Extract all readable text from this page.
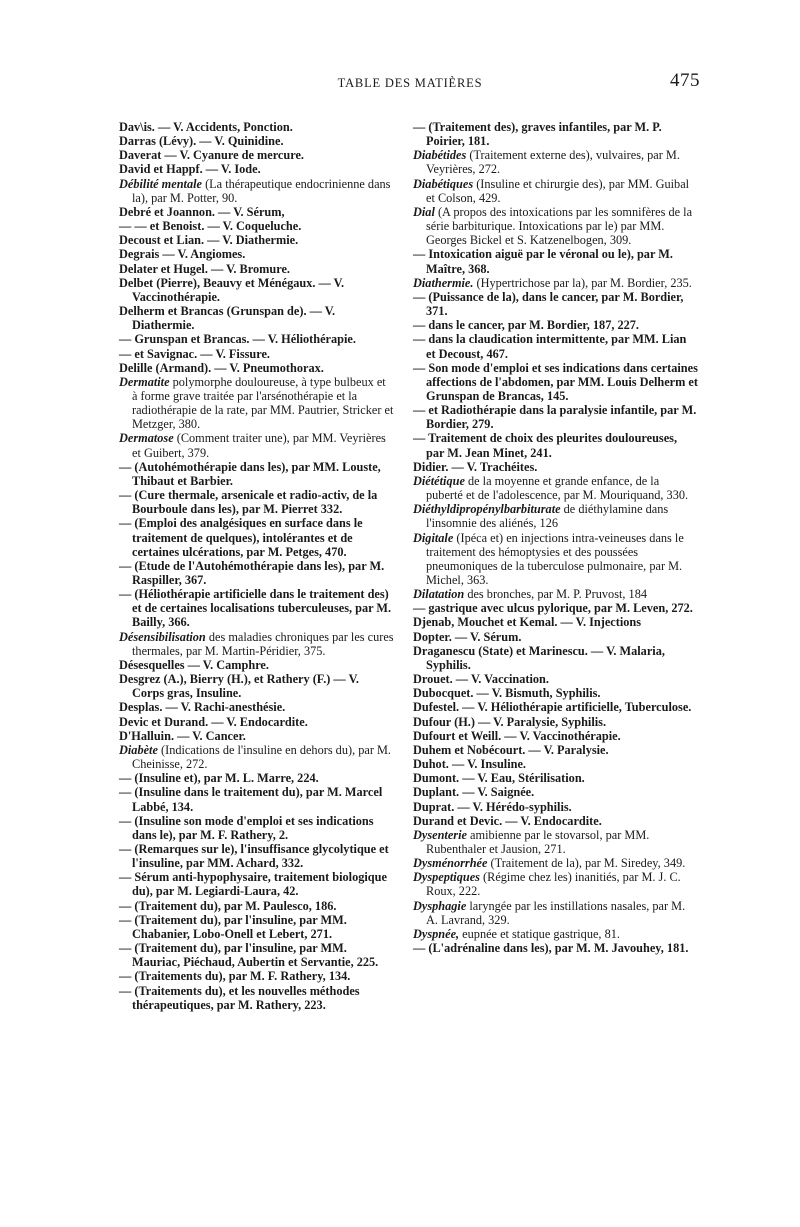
TABLE DES MATIÈRES	475

Dav\is. — V. Accidents, Ponction.

Darras (Lévy). — V. Quinidine.

Daverat — V. Cyanure de mercure.

David et Happf. — V. Iode.

Débilité mentale (La thérapeutique endocrinienne dans la), par M. Potter, 90.

Debré et Joannon. — V. Sérum,

— — et Benoist. — V. Coqueluche.

Decoust et Lian. — V. Diathermie.

Degrais — V. Angiomes.

Delater et Hugel. — V. Bromure.

Delbet (Pierre), Beauvy et Ménégaux. — V. Vaccinothérapie.

Delherm et Brancas (Grunspan de). — V. Diathermie.

— Grunspan et Brancas. — V. Héliothérapie.

— et Savignac. — V. Fissure.

Delille (Armand). — V. Pneumothorax.

Dermatite polymorphe douloureuse, à type bulbeux et à forme grave traitée par l'arsénothérapie et la radiothérapie de la rate, par MM. Pautrier, Stricker et Metzger, 380.

Dermatose (Comment traiter une), par MM. Veyrières et Guibert, 379.

— (Autohémothérapie dans les), par MM. Louste, Thibaut et Barbier.

— (Cure thermale, arsenicale et radio-activ, de la Bourboule dans les), par M. Pierret 332.

— (Emploi des analgésiques en surface dans le traitement de quelques), intolérantes et de certaines ulcérations, par M. Petges, 470.

— (Etude de l'Autohémothérapie dans les), par M. Raspiller, 367.

— (Héliothérapie artificielle dans le traitement des) et de certaines localisations tuberculeuses, par M. Bailly, 366.

Désensibilisation des maladies chroniques par les cures thermales, par M. Martin-Péridier, 375.

Désesquelles — V. Camphre.

Desgrez (A.), Bierry (H.), et Rathery (F.) — V. Corps gras, Insuline.

Desplas. — V. Rachi-anesthésie.

Devic et Durand. — V. Endocardite.

D'Halluin. — V. Cancer.

Diabète (Indications de l'insuline en dehors du), par M. Cheinisse, 272.

— (Insuline et), par M. L. Marre, 224.

— (Insuline dans le traitement du), par M. Marcel Labbé, 134.

— (Insuline son mode d'emploi et ses indications dans le), par M. F. Rathery, 2.

— (Remarques sur le), l'insuffisance glycolytique et l'insuline, par MM. Achard, 332.

— Sérum anti-hypophysaire, traitement biologique du), par M. Legiardi-Laura, 42.

— (Traitement du), par M. Paulesco, 186.

— (Traitement du), par l'insuline, par MM. Chabanier, Lobo-Onell et Lebert, 271.

— (Traitement du), par l'insuline, par MM. Mauriac, Piéchaud, Aubertin et Servantie, 225.

— (Traitements du), par M. F. Rathery, 134.

— (Traitements du), et les nouvelles méthodes thérapeutiques, par M. Rathery, 223.

— (Traitement des), graves infantiles, par M. P. Poirier, 181.

Diabétides (Traitement externe des), vulvaires, par M. Veyrières, 272.

Diabétiques (Insuline et chirurgie des), par MM. Guibal et Colson, 429.

Dial (A propos des intoxications par les somnifères de la série barbiturique. Intoxications par le) par MM. Georges Bickel et S. Katzenelbogen, 309.

— Intoxication aiguë par le véronal ou le), par M. Maître, 368.

Diathermie. (Hypertrichose par la), par M. Bordier, 235.

— (Puissance de la), dans le cancer, par M. Bordier, 371.

— dans le cancer, par M. Bordier, 187, 227.

— dans la claudication intermittente, par MM. Lian et Decoust, 467.

— Son mode d'emploi et ses indications dans certaines affections de l'abdomen, par MM. Louis Delherm et Grunspan de Brancas, 145.

— et Radiothérapie dans la paralysie infantile, par M. Bordier, 279.

— Traitement de choix des pleurites douloureuses, par M. Jean Minet, 241.

Didier. — V. Trachéites.

Diététique de la moyenne et grande enfance, de la puberté et de l'adolescence, par M. Mouriquand, 330.

Diéthyldipropénylbarbiturate de diéthylamine dans l'insomnie des aliénés, 126

Digitale (Ipéca et) en injections intra-veineuses dans le traitement des hémoptysies et des poussées pneumoniques de la tuberculose pulmonaire, par M. Michel, 363.

Dilatation des bronches, par M. P. Pruvost, 184

— gastrique avec ulcus pylorique, par M. Leven, 272.

Djenab, Mouchet et Kemal. — V. Injections

Dopter. — V. Sérum.

Draganescu (State) et Marinescu. — V. Malaria, Syphilis.

Drouet. — V. Vaccination.

Dubocquet. — V. Bismuth, Syphilis.

Dufestel. — V. Héliothérapie artificielle, Tuberculose.

Dufour (H.) — V. Paralysie, Syphilis.

Dufourt et Weill. — V. Vaccinothérapie.

Duhem et Nobécourt. — V. Paralysie.

Duhot. — V. Insuline.

Dumont. — V. Eau, Stérilisation.

Duplant. — V. Saignée.

Duprat. — V. Hérédo-syphilis.

Durand et Devic. — V. Endocardite.

Dysenterie amibienne par le stovarsol, par MM. Rubenthaler et Jausion, 271.

Dysménorrhée (Traitement de la), par M. Siredey, 349.

Dyspeptiques (Régime chez les) inanitiés, par M. J. C. Roux, 222.

Dysphagie laryngée par les instillations nasales, par M. A. Lavrand, 329.

Dyspnée, eupnée et statique gastrique, 81.

— (L'adrénaline dans les), par M. M. Javouhey, 181.
